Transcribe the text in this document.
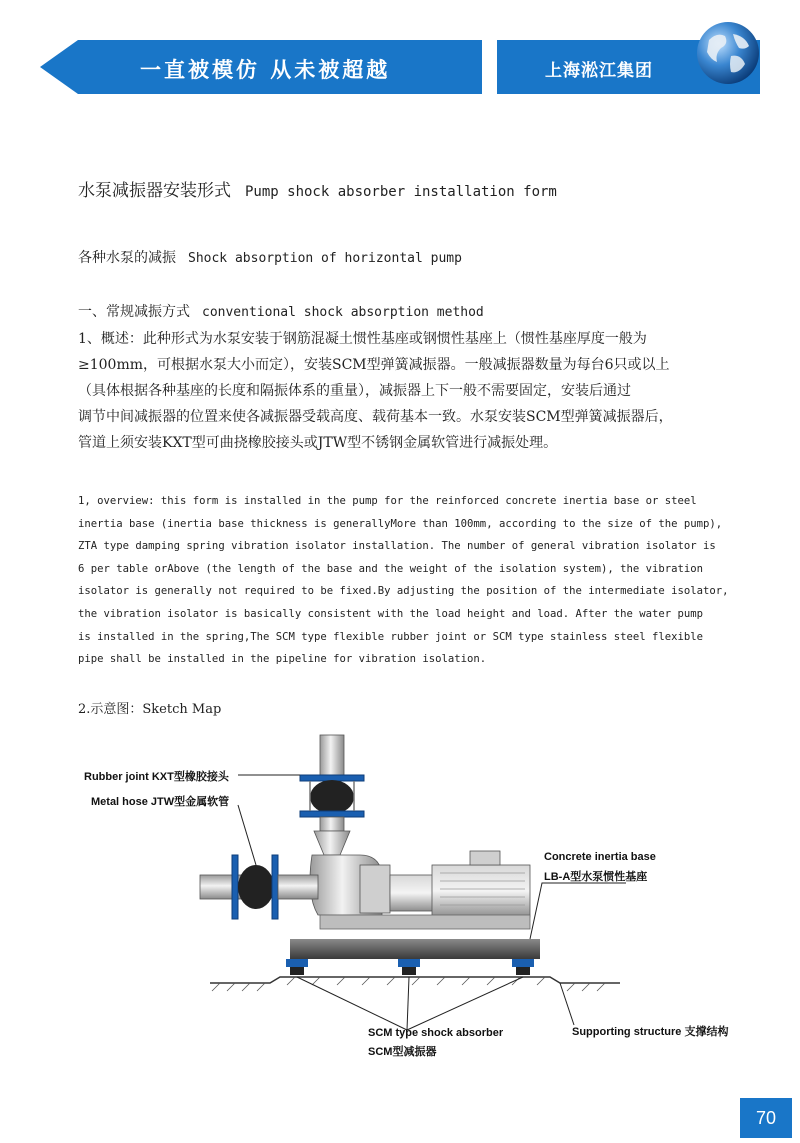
一直被模仿 从未被超越	上海淞江集团
水泵减振器安装形式 Pump shock absorber installation form
各种水泵的减振 Shock absorption of horizontal pump
一、常规减振方式 conventional shock absorption method
1、概述：此种形式为水泵安装于钢筋混凝土惯性基座或钢惯性基座上（惯性基座厚度一般为
≥100mm，可根据水泵大小而定），安装SCM型弹簧减振器。一般减振器数量为每台6只或以上
（具体根据各种基座的长度和隔振体系的重量），减振器上下一般不需要固定，安装后通过
调节中间减振器的位置来使各减振器受载高度、载荷基本一致。水泵安装SCM型弹簧减振器后，
管道上须安装KXT型可曲挠橡胶接头或JTW型不锈钢金属软管进行减振处理。
1, overview: this form is installed in the pump for the reinforced concrete inertia base or steel
inertia base (inertia base thickness is generallyMore than 100mm, according to the size of the pump),
ZTA type damping spring vibration isolator installation. The number of general vibration isolator is
6 per table orAbove (the length of the base and the weight of the isolation system), the vibration
isolator is generally not required to be fixed.By adjusting the position of the intermediate isolator,
the vibration isolator is basically consistent with the load height and load. After the water pump
is installed in the spring,The SCM type flexible rubber joint or SCM type stainless steel flexible
pipe shall be installed in the pipeline for vibration isolation.
2.示意图：Sketch Map
Rubber joint KXT型橡胶接头
Metal hose JTW型金属软管
Concrete inertia base
LB-A型水泵惯性基座
SCM type shock absorber
SCM型减振器
Supporting structure 支撑结构
70
